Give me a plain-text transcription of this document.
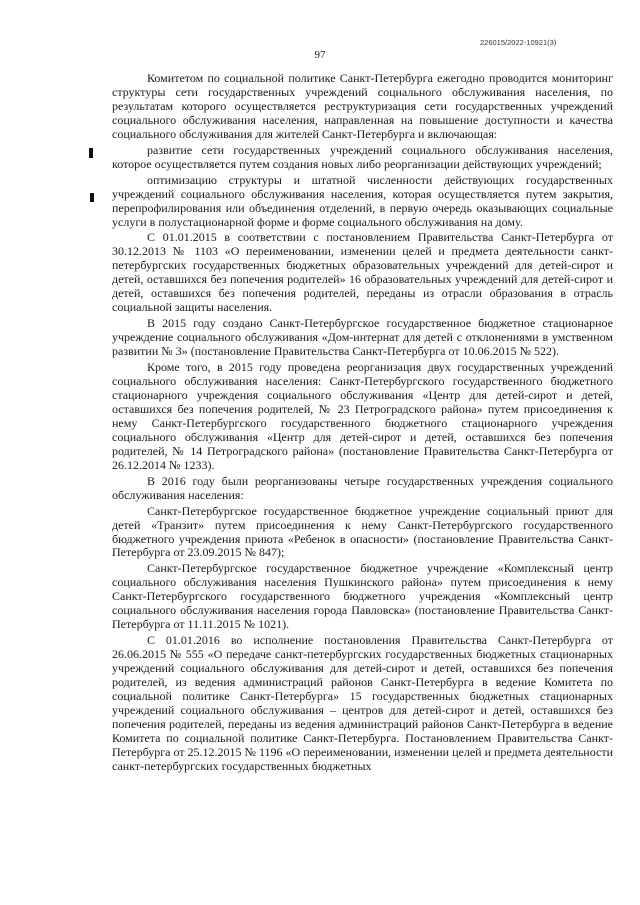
226015/2022-10921(3)
97

Комитетом по социальной политике Санкт-Петербурга ежегодно проводится мониторинг структуры сети государственных учреждений социального обслуживания населения, по результатам которого осуществляется реструктуризация сети государственных учреждений социального обслуживания населения, направленная на повышение доступности и качества социального обслуживания для жителей Санкт-Петербурга и включающая:

развитие сети государственных учреждений социального обслуживания населения, которое осуществляется путем создания новых либо реорганизации действующих учреждений;

оптимизацию структуры и штатной численности действующих государственных учреждений социального обслуживания населения, которая осуществляется путем закрытия, перепрофилирования или объединения отделений, в первую очередь оказывающих социальные услуги в полустационарной форме и форме социального обслуживания на дому.

С 01.01.2015 в соответствии с постановлением Правительства Санкт-Петербурга от 30.12.2013 № 1103 «О переименовании, изменении целей и предмета деятельности санкт-петербургских государственных бюджетных образовательных учреждений для детей-сирот и детей, оставшихся без попечения родителей» 16 образовательных учреждений для детей-сирот и детей, оставшихся без попечения родителей, переданы из отрасли образования в отрасль социальной защиты населения.

В 2015 году создано Санкт-Петербургское государственное бюджетное стационарное учреждение социального обслуживания «Дом-интернат для детей с отклонениями в умственном развитии № 3» (постановление Правительства Санкт-Петербурга от 10.06.2015 № 522).

Кроме того, в 2015 году проведена реорганизация двух государственных учреждений социального обслуживания населения: Санкт-Петербургского государственного бюджетного стационарного учреждения социального обслуживания «Центр для детей-сирот и детей, оставшихся без попечения родителей, № 23 Петроградского района» путем присоединения к нему Санкт-Петербургского государственного бюджетного стационарного учреждения социального обслуживания «Центр для детей-сирот и детей, оставшихся без попечения родителей, № 14 Петроградского района» (постановление Правительства Санкт-Петербурга от 26.12.2014 № 1233).

В 2016 году были реорганизованы четыре государственных учреждения социального обслуживания населения:

Санкт-Петербургское государственное бюджетное учреждение социальный приют для детей «Транзит» путем присоединения к нему Санкт-Петербургского государственного бюджетного учреждения приюта «Ребенок в опасности» (постановление Правительства Санкт-Петербурга от 23.09.2015 № 847);

Санкт-Петербургское государственное бюджетное учреждение «Комплексный центр социального обслуживания населения Пушкинского района» путем присоединения к нему Санкт-Петербургского государственного бюджетного учреждения «Комплексный центр социального обслуживания населения города Павловска» (постановление Правительства Санкт-Петербурга от 11.11.2015 № 1021).

С 01.01.2016 во исполнение постановления Правительства Санкт-Петербурга от 26.06.2015 № 555 «О передаче санкт-петербургских государственных бюджетных стационарных учреждений социального обслуживания для детей-сирот и детей, оставшихся без попечения родителей, из ведения администраций районов Санкт-Петербурга в ведение Комитета по социальной политике Санкт-Петербурга» 15 государственных бюджетных стационарных учреждений социального обслуживания – центров для детей-сирот и детей, оставшихся без попечения родителей, переданы из ведения администраций районов Санкт-Петербурга в ведение Комитета по социальной политике Санкт-Петербурга. Постановлением Правительства Санкт-Петербурга от 25.12.2015 № 1196 «О переименовании, изменении целей и предмета деятельности санкт-петербургских государственных бюджетных
